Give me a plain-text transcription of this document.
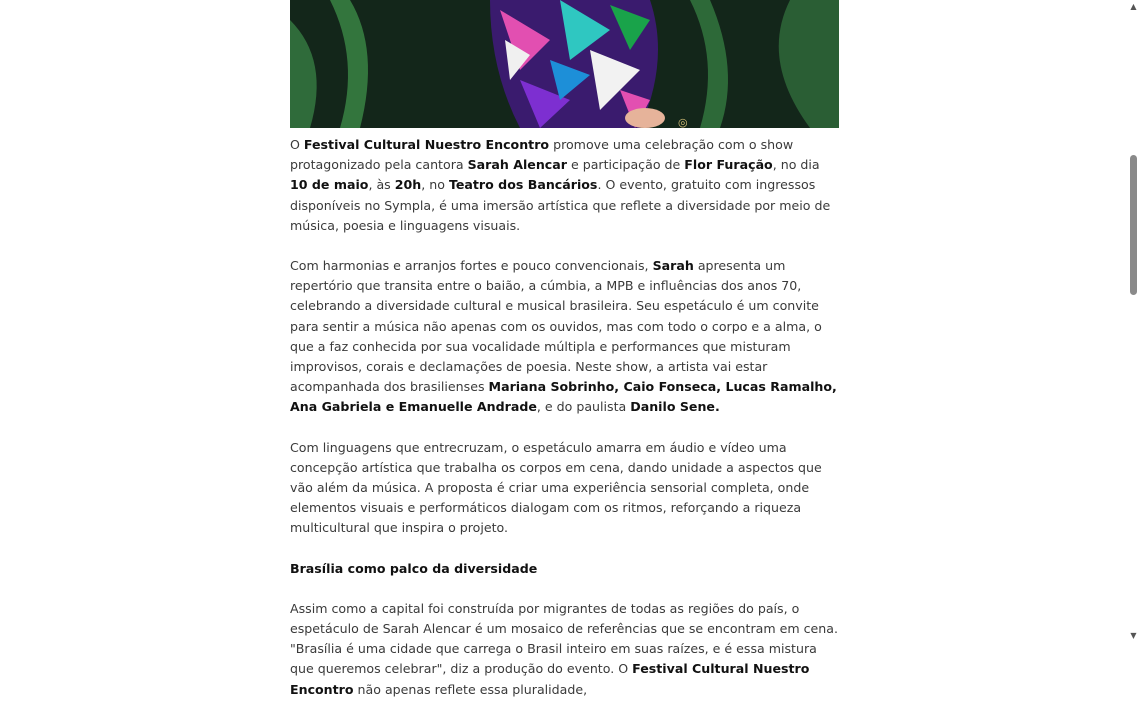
◎

O Festival Cultural Nuestro Encontro promove uma celebração com o show protagonizado pela cantora Sarah Alencar e participação de Flor Furação, no dia 10 de maio, às 20h, no Teatro dos Bancários. O evento, gratuito com ingressos disponíveis no Sympla, é uma imersão artística que reflete a diversidade por meio de música, poesia e linguagens visuais.

Com harmonias e arranjos fortes e pouco convencionais, Sarah apresenta um repertório que transita entre o baião, a cúmbia, a MPB e influências dos anos 70, celebrando a diversidade cultural e musical brasileira. Seu espetáculo é um convite para sentir a música não apenas com os ouvidos, mas com todo o corpo e a alma, o que a faz conhecida por sua vocalidade múltipla e performances que misturam improvisos, corais e declamações de poesia. Neste show, a artista vai estar acompanhada dos brasilienses Mariana Sobrinho, Caio Fonseca, Lucas Ramalho, Ana Gabriela e Emanuelle Andrade, e do paulista Danilo Sene.

Com linguagens que entrecruzam, o espetáculo amarra em áudio e vídeo uma concepção artística que trabalha os corpos em cena, dando unidade a aspectos que vão além da música. A proposta é criar uma experiência sensorial completa, onde elementos visuais e performáticos dialogam com os ritmos, reforçando a riqueza multicultural que inspira o projeto.

Brasília como palco da diversidade

Assim como a capital foi construída por migrantes de todas as regiões do país, o espetáculo de Sarah Alencar é um mosaico de referências que se encontram em cena. "Brasília é uma cidade que carrega o Brasil inteiro em suas raízes, e é essa mistura que queremos celebrar", diz a produção do evento. O Festival Cultural Nuestro Encontro não apenas reflete essa pluralidade,

▲
▼
